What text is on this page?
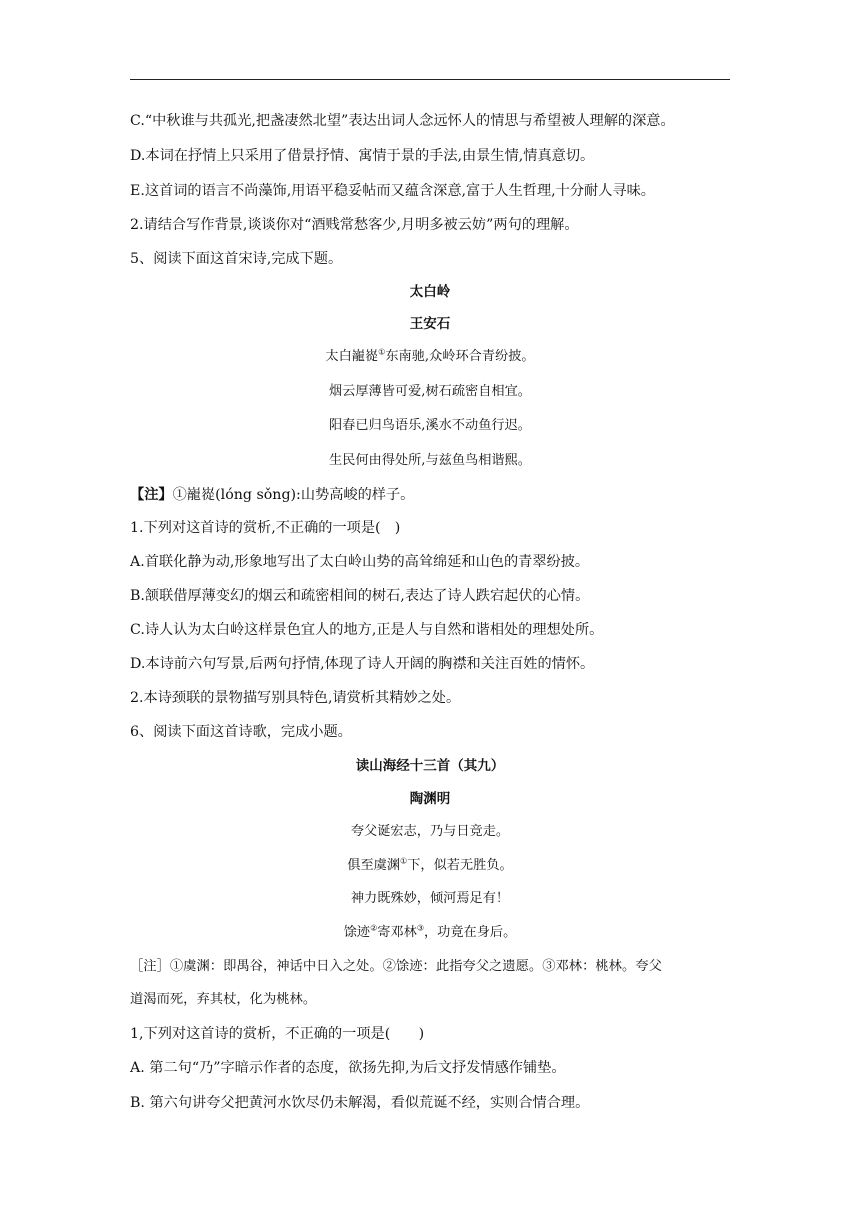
C.“中秋谁与共孤光,把盏凄然北望”表达出词人念远怀人的情思与希望被人理解的深意。
D.本词在抒情上只采用了借景抒情、寓情于景的手法,由景生情,情真意切。
E.这首词的语言不尚藻饰,用语平稳妥帖而又蕴含深意,富于人生哲理,十分耐人寻味。
2.请结合写作背景,谈谈你对“酒贱常愁客少,月明多被云妨”两句的理解。
5、阅读下面这首宋诗,完成下题。
太白岭
王安石
太白巃嵸①东南驰,众岭环合青纷披。
烟云厚薄皆可爱,树石疏密自相宜。
阳春已归鸟语乐,溪水不动鱼行迟。
生民何由得处所,与兹鱼鸟相谐熙。
【注】①巃嵸(lóng sǒng):山势高峻的样子。
1.下列对这首诗的赏析,不正确的一项是(　)
A.首联化静为动,形象地写出了太白岭山势的高耸绵延和山色的青翠纷披。
B.颔联借厚薄变幻的烟云和疏密相间的树石,表达了诗人跌宕起伏的心情。
C.诗人认为太白岭这样景色宜人的地方,正是人与自然和谐相处的理想处所。
D.本诗前六句写景,后两句抒情,体现了诗人开阔的胸襟和关注百姓的情怀。
2.本诗颈联的景物描写别具特色,请赏析其精妙之处。
6、阅读下面这首诗歌，完成小题。
读山海经十三首（其九）
陶渊明
夸父诞宏志，乃与日竞走。
俱至虞渊①下，似若无胜负。
神力既殊妙，倾河焉足有！
馀迹②寄邓林③，功竟在身后。
［注］①虞渊：即禺谷，神话中日入之处。②馀迹：此指夸父之遗愿。③邓林：桃林。夸父
道渴而死，弃其杖，化为桃林。
1,下列对这首诗的赏析，不正确的一项是(　　)
A. 第二句“乃”字暗示作者的态度，欲扬先抑,为后文抒发情感作铺垫。
B. 第六句讲夸父把黄河水饮尽仍未解渴，看似荒诞不经，实则合情合理。
